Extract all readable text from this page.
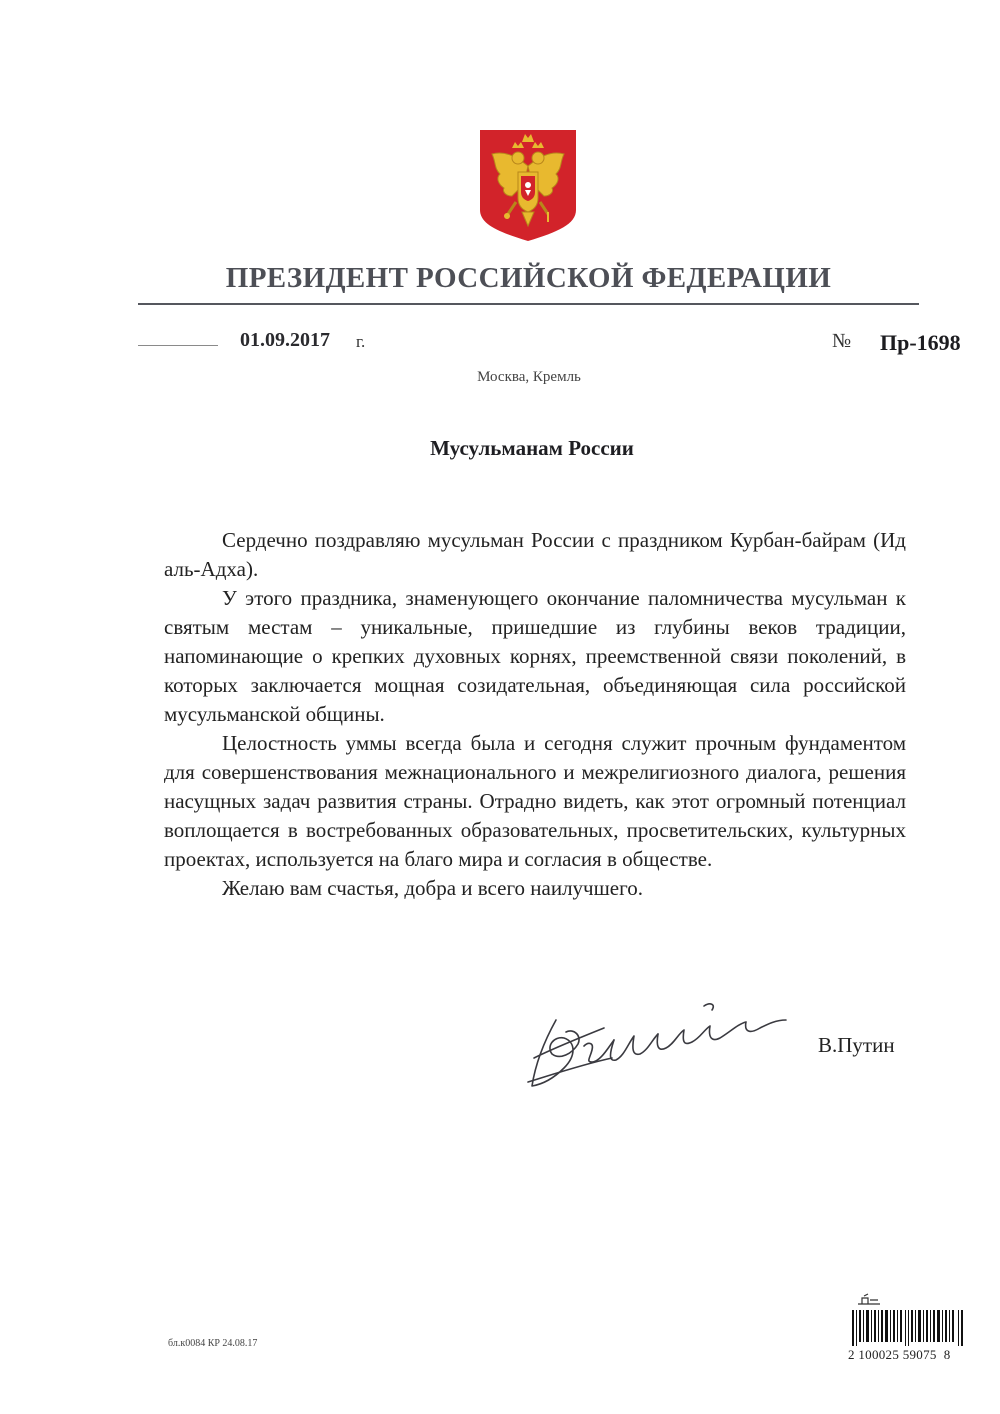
ПРЕЗИДЕНТ РОССИЙСКОЙ ФЕДЕРАЦИИ
01.09.2017 г.	№ Пр-1698
Москва, Кремль
Мусульманам России

Сердечно поздравляю мусульман России с праздником Курбан-байрам (Ид аль-Адха).

У этого праздника, знаменующего окончание паломничества мусульман к святым местам – уникальные, пришедшие из глубины веков традиции, напоминающие о крепких духовных корнях, преемственной связи поколений, в которых заключается мощная созидательная, объединяющая сила российской мусульманской общины.

Целостность уммы всегда была и сегодня служит прочным фундаментом для совершенствования межнационального и межрелигиозного диалога, решения насущных задач развития страны. Отрадно видеть, как этот огромный потенциал воплощается в востребованных образовательных, просветительских, культурных проектах, используется на благо мира и согласия в обществе.

Желаю вам счастья, добра и всего наилучшего.

В.Путин
бл.к0084 КР 24.08.17
2 100025 59075  8
